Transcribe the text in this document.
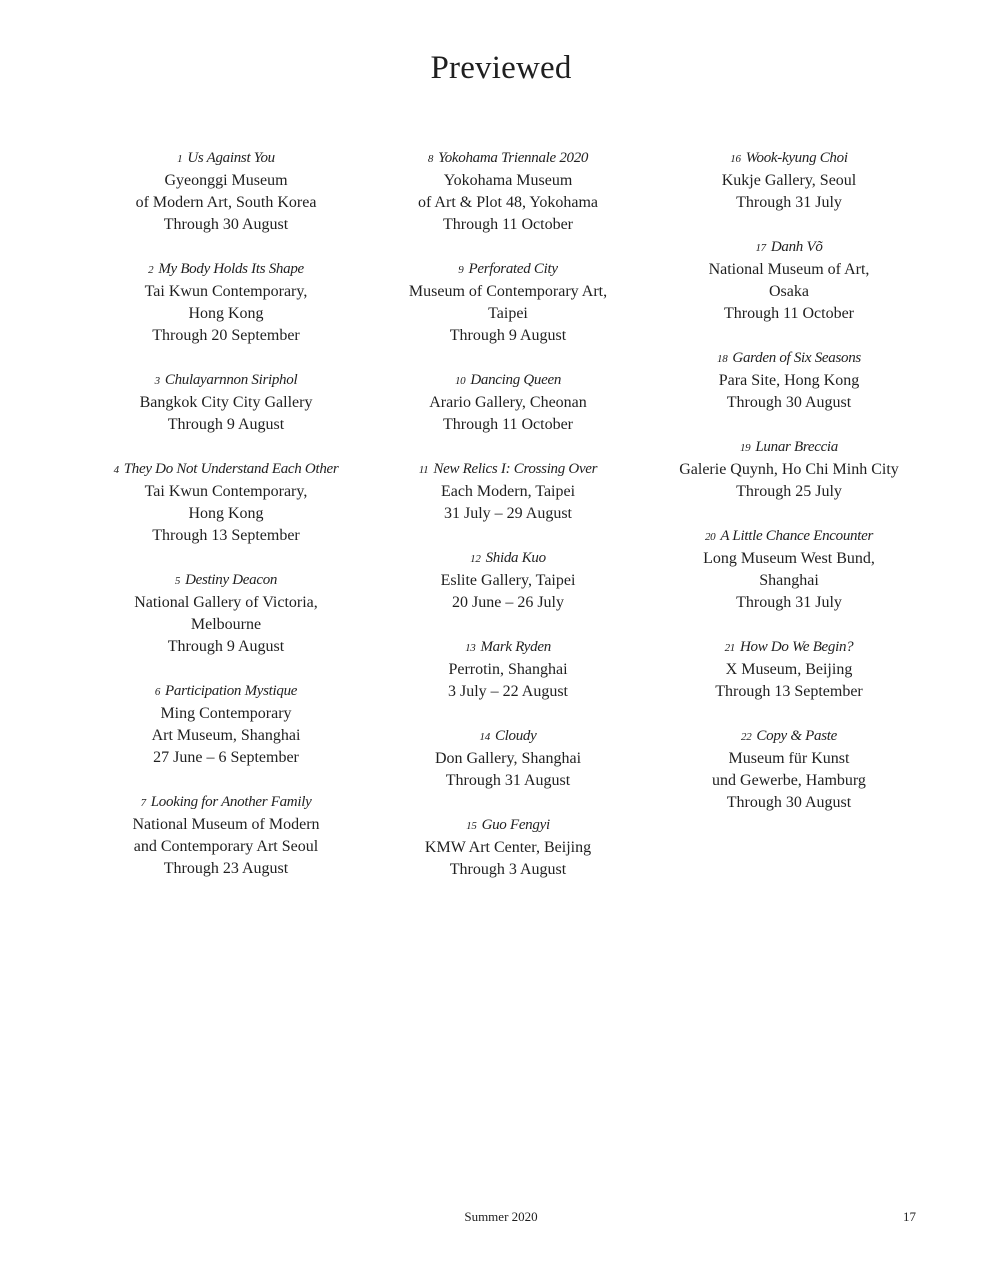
Previewed
1 Us Against You
Gyeonggi Museum
of Modern Art, South Korea
Through 30 August
2 My Body Holds Its Shape
Tai Kwun Contemporary,
Hong Kong
Through 20 September
3 Chulayarnnon Siriphol
Bangkok City City Gallery
Through 9 August
4 They Do Not Understand Each Other
Tai Kwun Contemporary,
Hong Kong
Through 13 September
5 Destiny Deacon
National Gallery of Victoria,
Melbourne
Through 9 August
6 Participation Mystique
Ming Contemporary
Art Museum, Shanghai
27 June – 6 September
7 Looking for Another Family
National Museum of Modern
and Contemporary Art Seoul
Through 23 August
8 Yokohama Triennale 2020
Yokohama Museum
of Art & Plot 48, Yokohama
Through 11 October
9 Perforated City
Museum of Contemporary Art,
Taipei
Through 9 August
10 Dancing Queen
Arario Gallery, Cheonan
Through 11 October
11 New Relics I: Crossing Over
Each Modern, Taipei
31 July – 29 August
12 Shida Kuo
Eslite Gallery, Taipei
20 June – 26 July
13 Mark Ryden
Perrotin, Shanghai
3 July – 22 August
14 Cloudy
Don Gallery, Shanghai
Through 31 August
15 Guo Fengyi
KMW Art Center, Beijing
Through 3 August
16 Wook-kyung Choi
Kukje Gallery, Seoul
Through 31 July
17 Danh Võ
National Museum of Art,
Osaka
Through 11 October
18 Garden of Six Seasons
Para Site, Hong Kong
Through 30 August
19 Lunar Breccia
Galerie Quynh, Ho Chi Minh City
Through 25 July
20 A Little Chance Encounter
Long Museum West Bund,
Shanghai
Through 31 July
21 How Do We Begin?
X Museum, Beijing
Through 13 September
22 Copy & Paste
Museum für Kunst
und Gewerbe, Hamburg
Through 30 August
Summer 2020	17
